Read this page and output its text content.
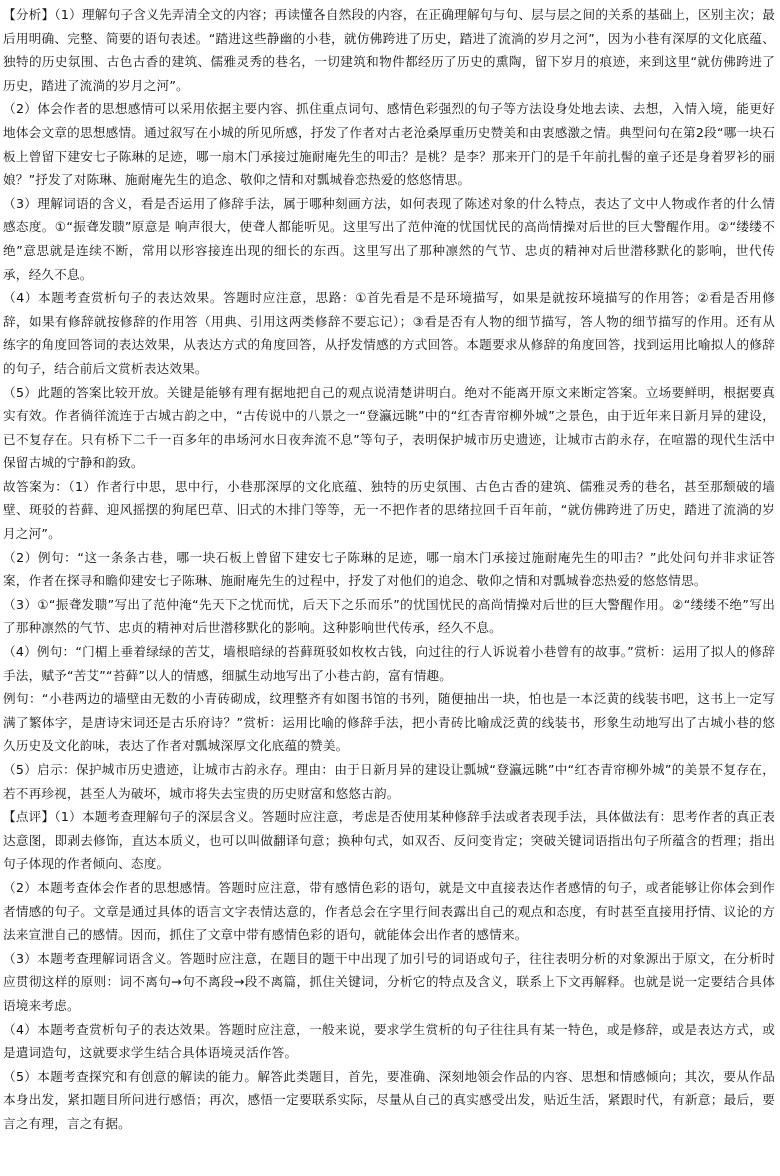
【分析】（1）理解句子含义先弄清全文的内容；再读懂各自然段的内容，在正确理解句与句、层与层之间的关系的基础上，区别主次；最后用明确、完整、简要的语句表述。“踏进这些静幽的小巷，就仿佛跨进了历史，踏进了流淌的岁月之河”，因为小巷有深厚的文化底蕴、独特的历史氛围、古色古香的建筑、儒雅灵秀的巷名，一切建筑和物件都经历了历史的熏陶，留下岁月的痕迹，来到这里“就仿佛跨进了历史，踏进了流淌的岁月之河”。

（2）体会作者的思想感情可以采用依据主要内容、抓住重点词句、感情色彩强烈的句子等方法设身处地去读、去想，入情入境，能更好地体会文章的思想感情。通过叙写在小城的所见所感，抒发了作者对古老沧桑厚重历史赞美和由衷感激之情。典型问句在第2段“哪一块石板上曾留下建安七子陈琳的足迹，哪一扇木门承接过施耐庵先生的叩击？是桃？是李？那来开门的是千年前扎髻的童子还是身着罗衫的丽娘？”抒发了对陈琳、施耐庵先生的追念、敬仰之情和对瓢城眷恋热爱的悠悠情思。

（3）理解词语的含义，看是否运用了修辞手法，属于哪种刻画方法，如何表现了陈述对象的什么特点，表达了文中人物或作者的什么情感态度。①“振聋发聩”原意是 响声很大，使聋人都能听见。这里写出了范仲淹的忧国忧民的高尚情操对后世的巨大警醒作用。②“缕缕不绝”意思就是连续不断，常用以形容接连出现的细长的东西。这里写出了那种凛然的气节、忠贞的精神对后世潜移默化的影响，世代传承，经久不息。

（4）本题考查赏析句子的表达效果。答题时应注意，思路：①首先看是不是环境描写，如果是就按环境描写的作用答；②看是否用修辞，如果有修辞就按修辞的作用答（用典、引用这两类修辞不要忘记）；③看是否有人物的细节描写，答人物的细节描写的作用。还有从练字的角度回答词的表达效果，从表达方式的角度回答，从抒发情感的方式回答。本题要求从修辞的角度回答，找到运用比喻拟人的修辞的句子，结合前后文赏析表达效果。

（5）此题的答案比较开放。关键是能够有理有据地把自己的观点说清楚讲明白。绝对不能离开原文来断定答案。立场要鲜明，根据要真实有效。作者徜徉流连于古城古韵之中，“古传说中的八景之一“登瀛远眺”中的“红杏青帘柳外城”之景色，由于近年来日新月异的建设，已不复存在。只有桥下二千一百多年的串场河水日夜奔流不息”等句子，表明保护城市历史遗迹，让城市古韵永存，在喧嚣的现代生活中保留古城的宁静和韵致。

故答案为：（1）作者行中思，思中行，小巷那深厚的文化底蕴、独特的历史氛围、古色古香的建筑、儒雅灵秀的巷名，甚至那颓破的墙壁、斑驳的苔藓、迎风摇摆的狗尾巴草、旧式的木排门等等，无一不把作者的思绪拉回千百年前，“就仿佛跨进了历史，踏进了流淌的岁月之河”。

（2）例句：“这一条条古巷，哪一块石板上曾留下建安七子陈琳的足迹，哪一扇木门承接过施耐庵先生的叩击？”此处问句并非求证答案，作者在探寻和瞻仰建安七子陈琳、施耐庵先生的过程中，抒发了对他们的追念、敬仰之情和对瓢城眷恋热爱的悠悠情思。

（3）①“振聋发聩”写出了范仲淹“先天下之忧而忧，后天下之乐而乐”的忧国忧民的高尚情操对后世的巨大警醒作用。②“缕缕不绝”写出了那种凛然的气节、忠贞的精神对后世潜移默化的影响。这种影响世代传承，经久不息。

（4）例句：“门楣上垂着绿绿的苦艾，墙根暗绿的苔藓斑驳如枚枚古钱，向过往的行人诉说着小巷曾有的故事。”赏析：运用了拟人的修辞手法，赋予“苦艾”“苔藓”以人的情感，细腻生动地写出了小巷古韵，富有情趣。

例句：“小巷两边的墙壁由无数的小青砖砌成，纹理整齐有如图书馆的书列，随便抽出一块，怕也是一本泛黄的线装书吧，这书上一定写满了繁体字，是唐诗宋词还是古乐府诗？”赏析：运用比喻的修辞手法，把小青砖比喻成泛黄的线装书，形象生动地写出了古城小巷的悠久历史及文化韵味，表达了作者对瓢城深厚文化底蕴的赞美。

（5）启示：保护城市历史遗迹，让城市古韵永存。理由：由于日新月异的建设让瓢城“登瀛远眺”中“红杏青帘柳外城”的美景不复存在，若不再珍视，甚至人为破坏，城市将失去宝贵的历史财富和悠悠古韵。

【点评】（1）本题考查理解句子的深层含义。答题时应注意，考虑是否使用某种修辞手法或者表现手法，具体做法有：思考作者的真正表达意图，即剥去修饰，直达本质义，也可以叫做翻译句意；换种句式，如双否、反问变肯定；突破关键词语指出句子所蕴含的哲理；指出句子体现的作者倾向、态度。

（2）本题考查体会作者的思想感情。答题时应注意，带有感情色彩的语句，就是文中直接表达作者感情的句子，或者能够让你体会到作者情感的句子。文章是通过具体的语言文字表情达意的，作者总会在字里行间表露出自己的观点和态度，有时甚至直接用抒情、议论的方法来宣泄自己的感情。因而，抓住了文章中带有感情色彩的语句，就能体会出作者的感情来。

（3）本题考查理解词语含义。答题时应注意，在题目的题干中出现了加引号的词语或句子，往往表明分析的对象源出于原文，在分析时应贯彻这样的原则：词不离句→句不离段→段不离篇，抓住关键词，分析它的特点及含义，联系上下文再解释。也就是说一定要结合具体语境来考虑。

（4）本题考查赏析句子的表达效果。答题时应注意，一般来说，要求学生赏析的句子往往具有某一特色，或是修辞，或是表达方式，或是遣词造句，这就要求学生结合具体语境灵活作答。

（5）本题考查探究和有创意的解读的能力。解答此类题目，首先，要准确、深刻地领会作品的内容、思想和情感倾向；其次，要从作品本身出发，紧扣题目所问进行感悟；再次，感悟一定要联系实际，尽量从自己的真实感受出发，贴近生活，紧跟时代，有新意；最后，要言之有理，言之有据。
